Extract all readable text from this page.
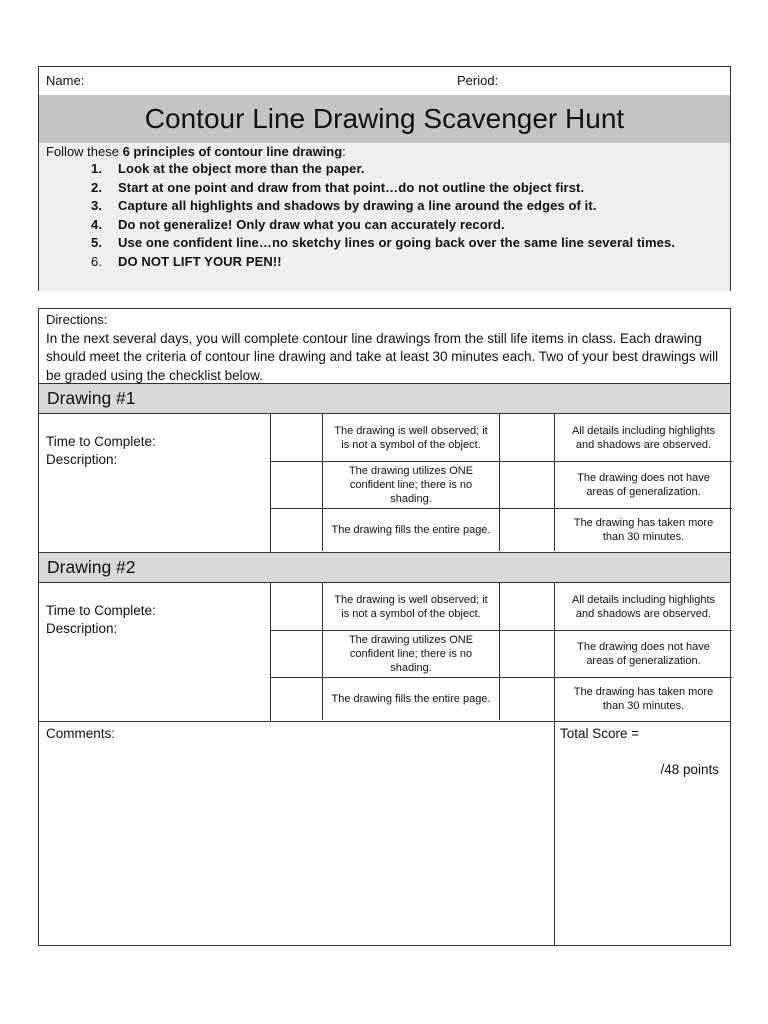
Name:	Period:
Contour Line Drawing Scavenger Hunt
Follow these 6 principles of contour line drawing:
1. Look at the object more than the paper.
2. Start at one point and draw from that point…do not outline the object first.
3. Capture all highlights and shadows by drawing a line around the edges of it.
4. Do not generalize! Only draw what you can accurately record.
5. Use one confident line…no sketchy lines or going back over the same line several times.
6. DO NOT LIFT YOUR PEN!!
Directions:
In the next several days, you will complete contour line drawings from the still life items in class. Each drawing should meet the criteria of contour line drawing and take at least 30 minutes each. Two of your best drawings will be graded using the checklist below.
Drawing #1
Time to Complete:
Description:
The drawing is well observed; it is not a symbol of the object.
All details including highlights and shadows are observed.
The drawing utilizes ONE confident line; there is no shading.
The drawing does not have areas of generalization.
The drawing fills the entire page.
The drawing has taken more than 30 minutes.
Drawing #2
Time to Complete:
Description:
The drawing is well observed; it is not a symbol of the object.
All details including highlights and shadows are observed.
The drawing utilizes ONE confident line; there is no shading.
The drawing does not have areas of generalization.
The drawing fills the entire page.
The drawing has taken more than 30 minutes.
Comments:	Total Score =
/48 points
